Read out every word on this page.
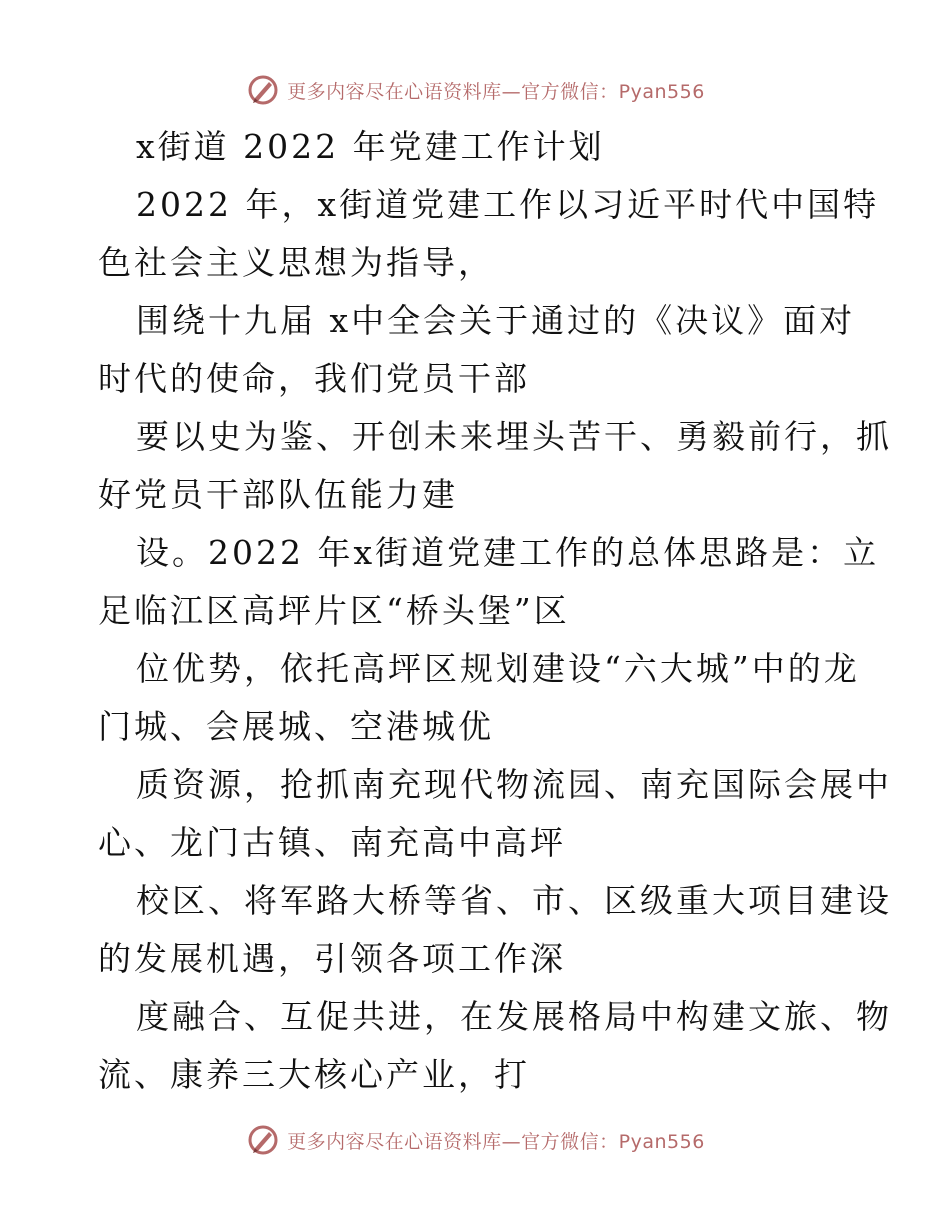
更多内容尽在心语资料库—官方微信：Pyan556
x街道 2022 年党建工作计划
2022 年，x街道党建工作以习近平时代中国特
色社会主义思想为指导，
围绕十九届 x中全会关于通过的《决议》面对
时代的使命，我们党员干部
要以史为鉴、开创未来埋头苦干、勇毅前行，抓
好党员干部队伍能力建
设。2022 年x街道党建工作的总体思路是：立
足临江区高坪片区“桥头堡”区
位优势，依托高坪区规划建设“六大城”中的龙
门城、会展城、空港城优
质资源，抢抓南充现代物流园、南充国际会展中
心、龙门古镇、南充高中高坪
校区、将军路大桥等省、市、区级重大项目建设
的发展机遇，引领各项工作深
度融合、互促共进，在发展格局中构建文旅、物
流、康养三大核心产业，打
更多内容尽在心语资料库—官方微信：Pyan556
